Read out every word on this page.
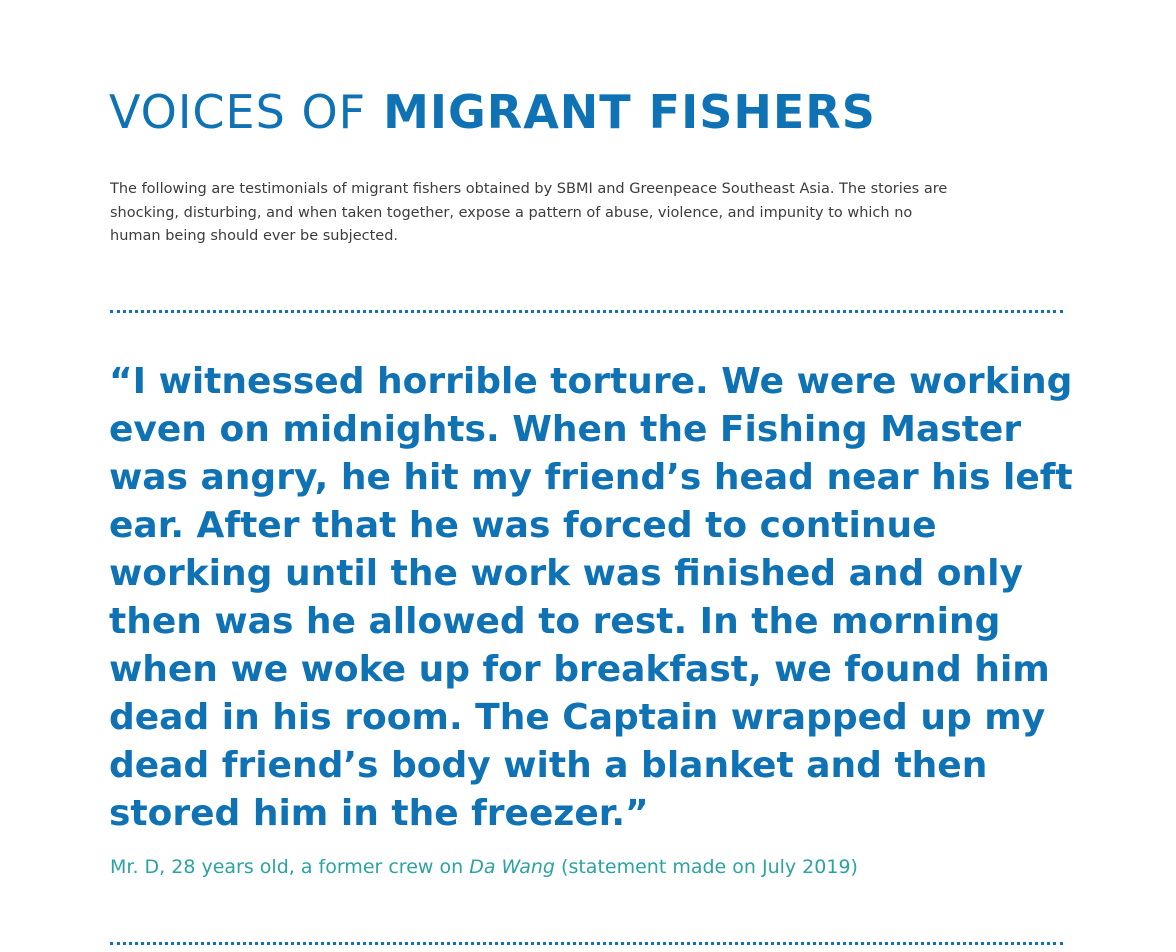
VOICES OF MIGRANT FISHERS

The following are testimonials of migrant fishers obtained by SBMI and Greenpeace Southeast Asia. The stories are shocking, disturbing, and when taken together, expose a pattern of abuse, violence, and impunity to which no human being should ever be subjected.

“I witnessed horrible torture. We were working even on midnights. When the Fishing Master was angry, he hit my friend’s head near his left ear. After that he was forced to continue working until the work was finished and only then was he allowed to rest. In the morning when we woke up for breakfast, we found him dead in his room. The Captain wrapped up my dead friend’s body with a blanket and then stored him in the freezer.”

Mr. D, 28 years old, a former crew on Da Wang (statement made on July 2019)
